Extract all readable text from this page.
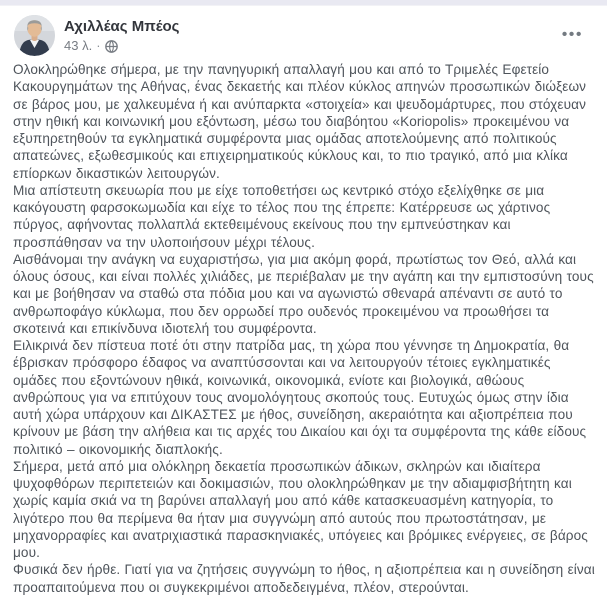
Αχιλλέας Μπέος
43 λ. ·
•••

Ολοκληρώθηκε σήμερα, με την πανηγυρική απαλλαγή μου και από το Τριμελές Εφετείο Κακουργημάτων της Αθήνας, ένας δεκαετής και πλέον κύκλος απηνών προσωπικών διώξεων σε βάρος μου, με χαλκευμένα ή και ανύπαρκτα «στοιχεία» και ψευδομάρτυρες, που στόχευαν στην ηθική και κοινωνική μου εξόντωση, μέσω του διαβόητου «Koriopolis» προκειμένου να εξυπηρετηθούν τα εγκληματικά συμφέροντα μιας ομάδας αποτελούμενης από πολιτικούς απατεώνες, εξωθεσμικούς και επιχειρηματικούς κύκλους και, το πιο τραγικό, από μια κλίκα επίορκων δικαστικών λειτουργών.

Μια απίστευτη σκευωρία που με είχε τοποθετήσει ως κεντρικό στόχο εξελίχθηκε σε μια κακόγουστη φαρσοκωμωδία και είχε το τέλος που της έπρεπε: Κατέρρευσε ως χάρτινος πύργος, αφήνοντας πολλαπλά εκτεθειμένους εκείνους που την εμπνεύστηκαν και προσπάθησαν να την υλοποιήσουν μέχρι τέλους.

Αισθάνομαι την ανάγκη να ευχαριστήσω, για μια ακόμη φορά, πρωτίστως τον Θεό, αλλά και όλους όσους, και είναι πολλές χιλιάδες, με περιέβαλαν με την αγάπη και την εμπιστοσύνη τους και με βοήθησαν να σταθώ στα πόδια μου και να αγωνιστώ σθεναρά απέναντι σε αυτό το ανθρωποφάγο κύκλωμα, που δεν ορρωδεί προ ουδενός προκειμένου να προωθήσει τα σκοτεινά και επικίνδυνα ιδιοτελή του συμφέροντα.

Ειλικρινά δεν πίστευα ποτέ ότι στην πατρίδα μας, τη χώρα που γέννησε τη Δημοκρατία, θα έβρισκαν πρόσφορο έδαφος να αναπτύσσονται και να λειτουργούν τέτοιες εγκληματικές ομάδες που εξοντώνουν ηθικά, κοινωνικά, οικονομικά, ενίοτε και βιολογικά, αθώους ανθρώπους για να επιτύχουν τους ανομολόγητους σκοπούς τους. Ευτυχώς όμως στην ίδια αυτή χώρα υπάρχουν και ΔΙΚΑΣΤΕΣ με ήθος, συνείδηση, ακεραιότητα και αξιοπρέπεια που κρίνουν με βάση την αλήθεια και τις αρχές του Δικαίου και όχι τα συμφέροντα της κάθε είδους πολιτικό – οικονομικής διαπλοκής.

Σήμερα, μετά από μια ολόκληρη δεκαετία προσωπικών άδικων, σκληρών και ιδιαίτερα ψυχοφθόρων περιπετειών και δοκιμασιών, που ολοκληρώθηκαν με την αδιαμφισβήτητη και χωρίς καμία σκιά να τη βαρύνει απαλλαγή μου από κάθε κατασκευασμένη κατηγορία, το λιγότερο που θα περίμενα θα ήταν μια συγγνώμη από αυτούς που πρωτοστάτησαν, με μηχανορραφίες και ανατριχιαστικά παρασκηνιακές, υπόγειες και βρόμικες ενέργειες, σε βάρος μου.

Φυσικά δεν ήρθε. Γιατί για να ζητήσεις συγγνώμη το ήθος, η αξιοπρέπεια και η συνείδηση είναι προαπαιτούμενα που οι συγκεκριμένοι αποδεδειγμένα, πλέον, στερούνται.
